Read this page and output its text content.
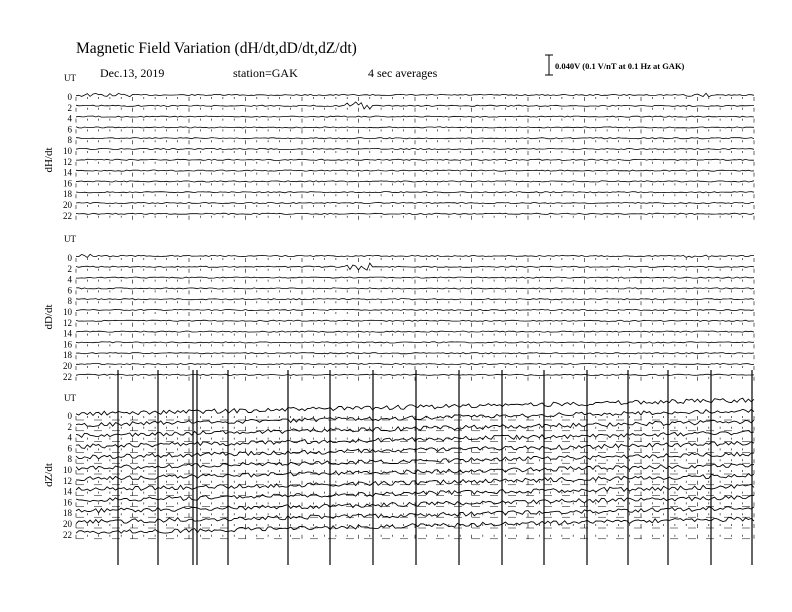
Magnetic Field Variation (dH/dt,dD/dt,dZ/dt)
Dec.13, 2019	station=GAK	4 sec averages	0.040V (0.1 V/nT at 0.1 Hz at GAK)
UT
dH/dt
0
2
4
6
8
10
12
14
16
18
20
22
UT
dD/dt
0
2
4
6
8
10
12
14
16
18
20
22
UT
dZ/dt
0
2
4
6
8
10
12
14
16
18
20
22
